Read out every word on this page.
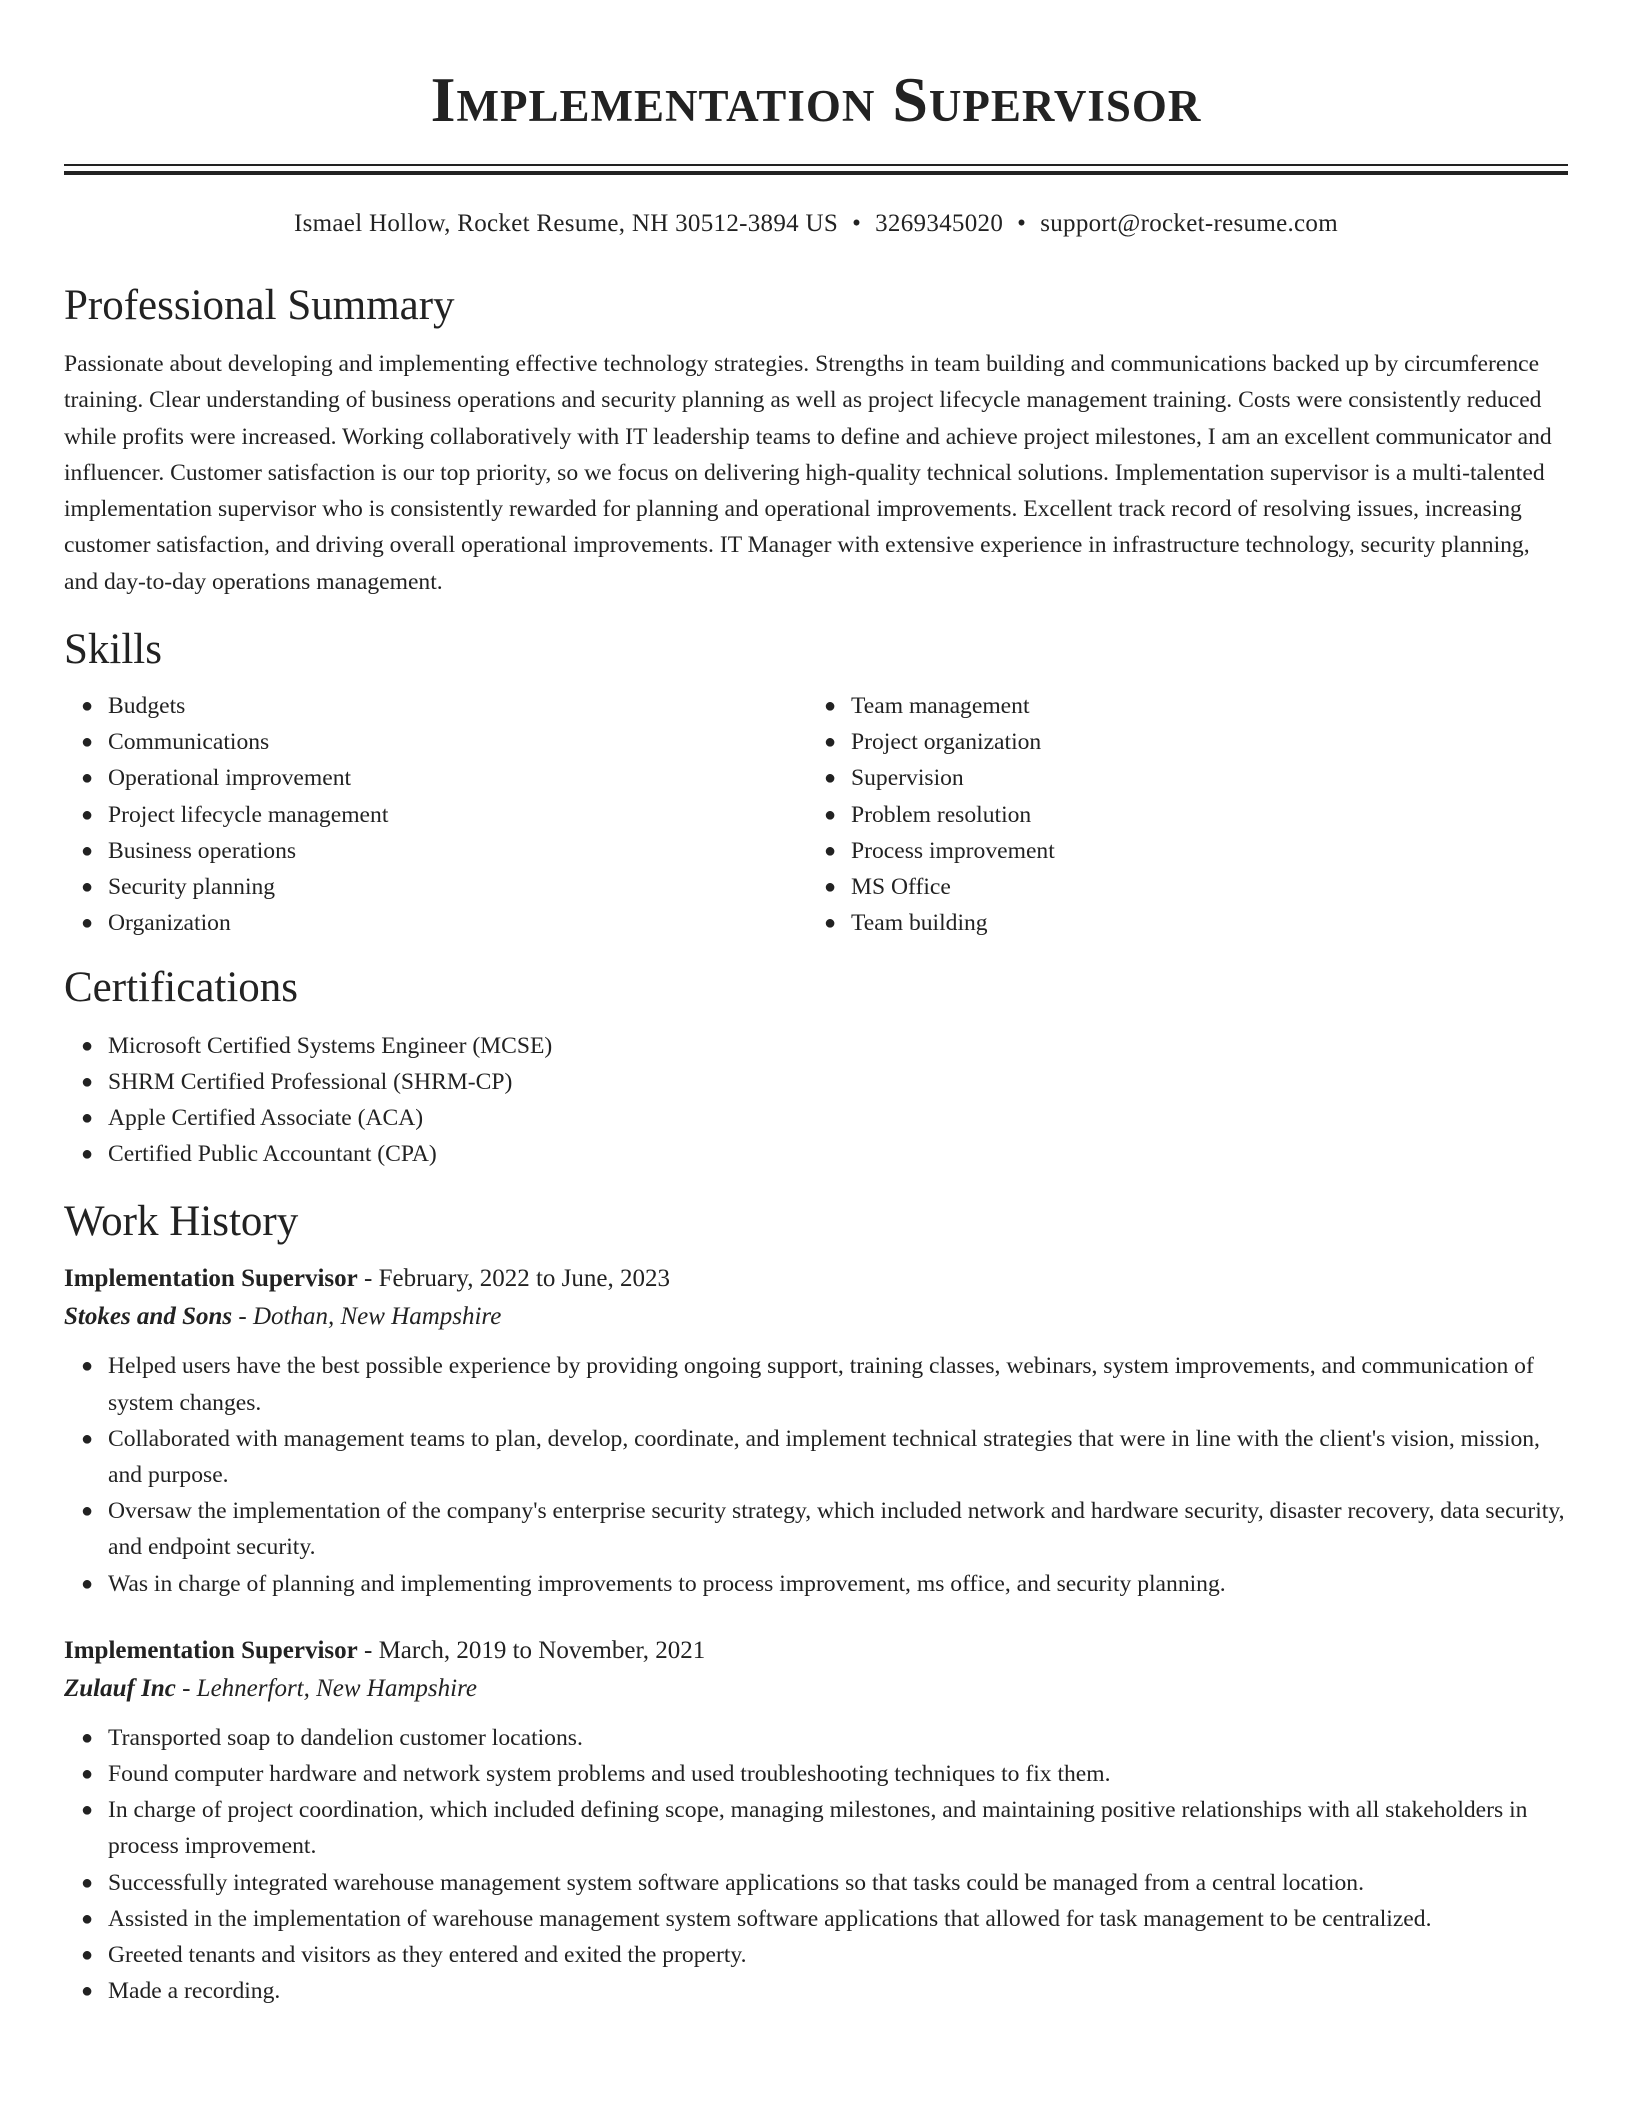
Implementation Supervisor
Ismael Hollow, Rocket Resume, NH 30512-3894 US • 3269345020 • support@rocket-resume.com
Professional Summary

Passionate about developing and implementing effective technology strategies. Strengths in team building and communications backed up by circumference training. Clear understanding of business operations and security planning as well as project lifecycle management training. Costs were consistently reduced while profits were increased. Working collaboratively with IT leadership teams to define and achieve project milestones, I am an excellent communicator and influencer. Customer satisfaction is our top priority, so we focus on delivering high-quality technical solutions. Implementation supervisor is a multi-talented implementation supervisor who is consistently rewarded for planning and operational improvements. Excellent track record of resolving issues, increasing customer satisfaction, and driving overall operational improvements. IT Manager with extensive experience in infrastructure technology, security planning, and day-to-day operations management.

Skills
● Budgets
● Communications
● Operational improvement
● Project lifecycle management
● Business operations
● Security planning
● Organization
● Team management
● Project organization
● Supervision
● Problem resolution
● Process improvement
● MS Office
● Team building
Certifications
● Microsoft Certified Systems Engineer (MCSE)
● SHRM Certified Professional (SHRM-CP)
● Apple Certified Associate (ACA)
● Certified Public Accountant (CPA)
Work History
Implementation Supervisor - February, 2022 to June, 2023
Stokes and Sons - Dothan, New Hampshire
● Helped users have the best possible experience by providing ongoing support, training classes, webinars, system improvements, and communication of system changes.
● Collaborated with management teams to plan, develop, coordinate, and implement technical strategies that were in line with the client's vision, mission, and purpose.
● Oversaw the implementation of the company's enterprise security strategy, which included network and hardware security, disaster recovery, data security, and endpoint security.
● Was in charge of planning and implementing improvements to process improvement, ms office, and security planning.
Implementation Supervisor - March, 2019 to November, 2021
Zulauf Inc - Lehnerfort, New Hampshire
● Transported soap to dandelion customer locations.
● Found computer hardware and network system problems and used troubleshooting techniques to fix them.
● In charge of project coordination, which included defining scope, managing milestones, and maintaining positive relationships with all stakeholders in process improvement.
● Successfully integrated warehouse management system software applications so that tasks could be managed from a central location.
● Assisted in the implementation of warehouse management system software applications that allowed for task management to be centralized.
● Greeted tenants and visitors as they entered and exited the property.
● Made a recording.
